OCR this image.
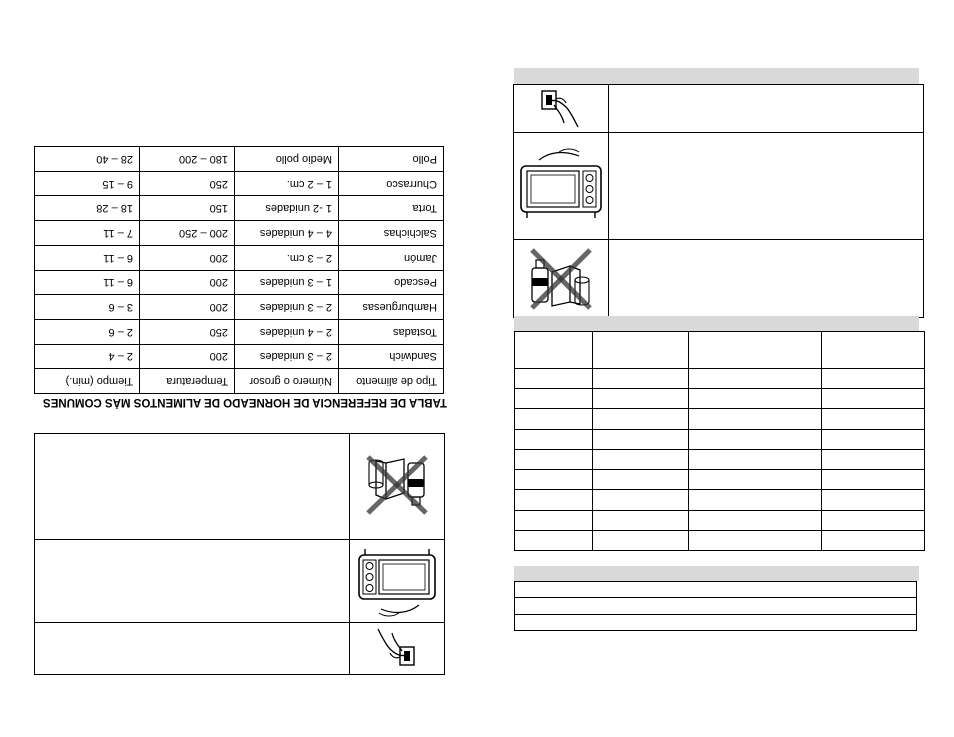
TABLA DE REFERENCIA DE HORNEADO DE ALIMENTOS MÁS COMUNES
Tipo de alimento	Número o grosor	Temperatura	Tiempo (min.)
Sandwich	2 – 3 unidades	200	2 – 4
Tostadas	2 – 4 unidades	250	2 – 6
Hamburguesas	2 – 3 unidades	200	3 – 6
Pescado	1 – 3 unidades	200	6 – 11
Jamón	2 – 3 cm.	200	6 – 11
Salchichas	4 – 4 unidades	200 – 250	7 – 11
Torta	1 -2 unidades	150	18 – 28
Churrasco	1 – 2 cm.	250	9 – 15
Pollo	Medio pollo	180 – 200	28 – 40
